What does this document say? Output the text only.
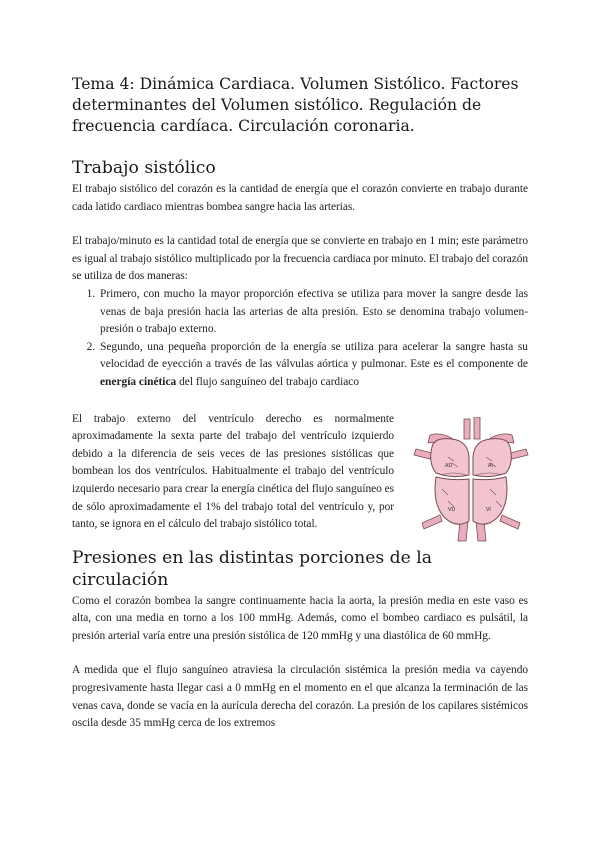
Tema 4: Dinámica Cardiaca. Volumen Sistólico. Factores determinantes del Volumen sistólico. Regulación de frecuencia cardíaca. Circulación coronaria.
Trabajo sistólico

El trabajo sistólico del corazón es la cantidad de energía que el corazón convierte en trabajo durante cada latido cardiaco mientras bombea sangre hacia las arterias.

El trabajo/minuto es la cantidad total de energía que se convierte en trabajo en 1 min; este parámetro es igual al trabajo sistólico multiplicado por la frecuencia cardiaca por minuto. El trabajo del corazón se utiliza de dos maneras:

1. Primero, con mucho la mayor proporción efectiva se utiliza para mover la sangre desde las venas de baja presión hacia las arterias de alta presión. Esto se denomina trabajo volumen-presión o trabajo externo.
2. Segundo, una pequeña proporción de la energía se utiliza para acelerar la sangre hasta su velocidad de eyección a través de las válvulas aórtica y pulmonar. Este es el componente de energía cinética del flujo sanguíneo del trabajo cardiaco

El trabajo externo del ventrículo derecho es normalmente aproximadamente la sexta parte del trabajo del ventrículo izquierdo debido a la diferencia de seis veces de las presiones sistólicas que bombean los dos ventrículos. Habitualmente el trabajo del ventrículo izquierdo necesario para crear la energía cinética del flujo sanguíneo es de sólo aproximadamente el 1% del trabajo total del ventrículo y, por tanto, se ignora en el cálculo del trabajo sistólico total.

AD	AI
VD	VI
Presiones en las distintas porciones de la circulación

Como el corazón bombea la sangre continuamente hacia la aorta, la presión media en este vaso es alta, con una media en torno a los 100 mmHg. Además, como el bombeo cardiaco es pulsátil, la presión arterial varía entre una presión sistólica de 120 mmHg y una diastólica de 60 mmHg.

A medida que el flujo sanguíneo atraviesa la circulación sistémica la presión media va cayendo progresivamente hasta llegar casi a 0 mmHg en el momento en el que alcanza la terminación de las venas cava, donde se vacía en la aurícula derecha del corazón. La presión de los capilares sistémicos oscila desde 35 mmHg cerca de los extremos
